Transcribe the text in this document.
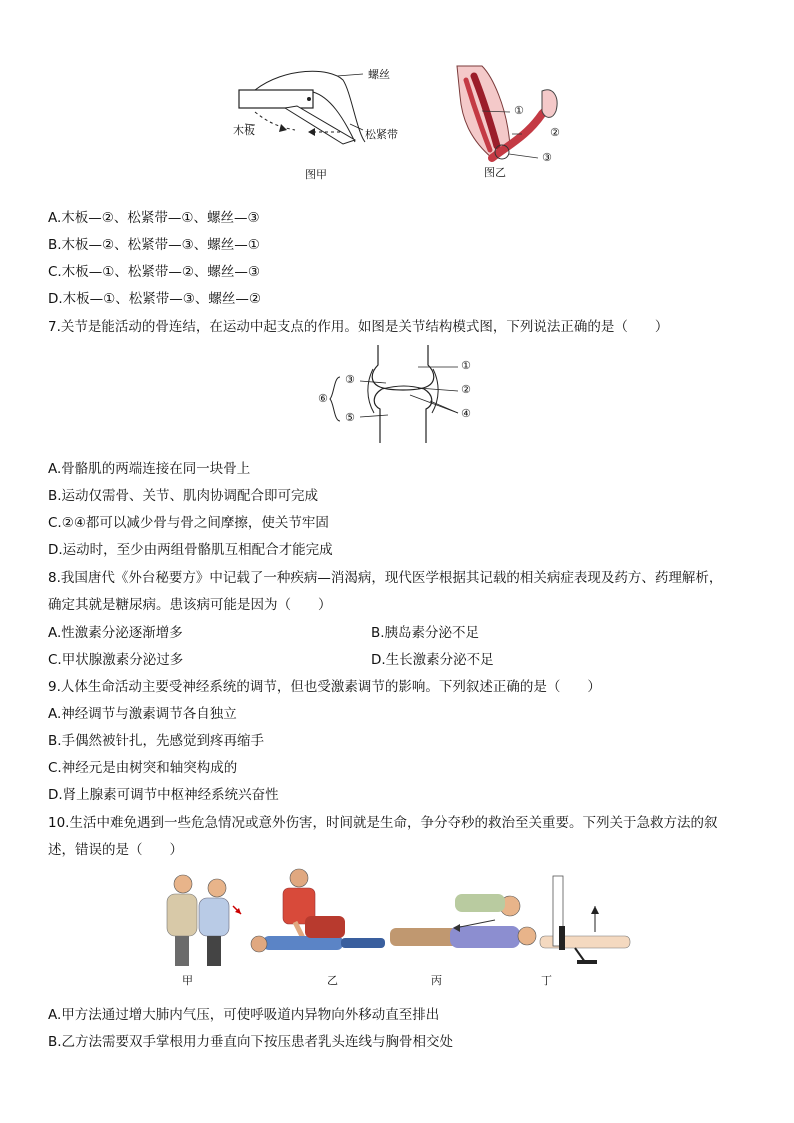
螺丝
木板	松紧带
图甲
①
②
③
图乙
A.木板—②、松紧带—①、螺丝—③
B.木板—②、松紧带—③、螺丝—①
C.木板—①、松紧带—②、螺丝—③
D.木板—①、松紧带—③、螺丝—②
7.关节是能活动的骨连结，在运动中起支点的作用。如图是关节结构模式图，下列说法正确的是（　　）
①
②
④
③
⑤
⑥
A.骨骼肌的两端连接在同一块骨上
B.运动仅需骨、关节、肌肉协调配合即可完成
C.②④都可以减少骨与骨之间摩擦，使关节牢固
D.运动时，至少由两组骨骼肌互相配合才能完成
8.我国唐代《外台秘要方》中记载了一种疾病—消渴病，现代医学根据其记载的相关病症表现及药方、药理解析，
确定其就是糖尿病。患该病可能是因为（　　）
A.性激素分泌逐渐增多	B.胰岛素分泌不足
C.甲状腺激素分泌过多	D.生长激素分泌不足
9.人体生命活动主要受神经系统的调节，但也受激素调节的影响。下列叙述正确的是（　　）
A.神经调节与激素调节各自独立
B.手偶然被针扎，先感觉到疼再缩手
C.神经元是由树突和轴突构成的
D.肾上腺素可调节中枢神经系统兴奋性
10.生活中难免遇到一些危急情况或意外伤害，时间就是生命，争分夺秒的救治至关重要。下列关于急救方法的叙
述，错误的是（　　）
甲	乙	丙	丁
A.甲方法通过增大肺内气压，可使呼吸道内异物向外移动直至排出
B.乙方法需要双手掌根用力垂直向下按压患者乳头连线与胸骨相交处
